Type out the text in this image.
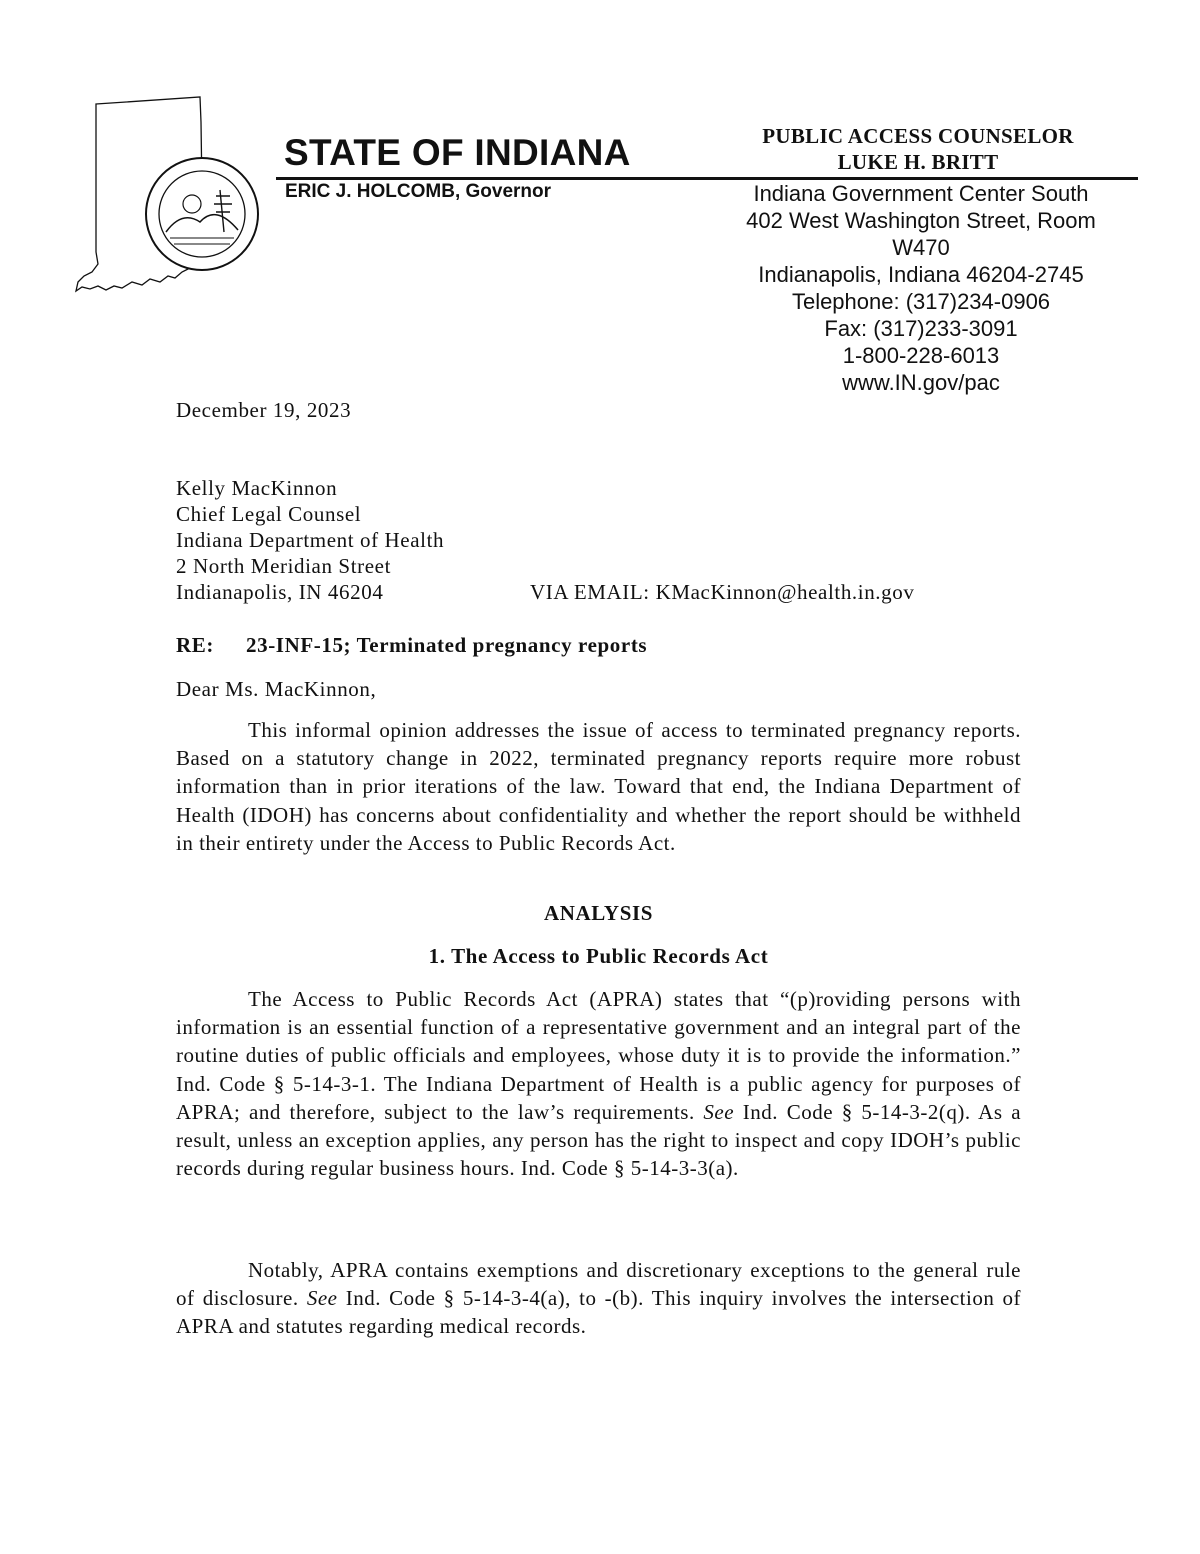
STATE OF INDIANA
ERIC J. HOLCOMB, Governor
PUBLIC ACCESS COUNSELOR
LUKE H. BRITT
Indiana Government Center South
402 West Washington Street, Room
W470
Indianapolis, Indiana 46204-2745
Telephone: (317)234-0906
Fax: (317)233-3091
1-800-228-6013
www.IN.gov/pac
December 19, 2023
Kelly MacKinnon
Chief Legal Counsel
Indiana Department of Health
2 North Meridian Street
Indianapolis, IN 46204	VIA EMAIL: KMacKinnon@health.in.gov
RE: 23-INF-15; Terminated pregnancy reports
Dear Ms. MacKinnon,
This informal opinion addresses the issue of access to terminated pregnancy reports. Based on a statutory change in 2022, terminated pregnancy reports require more robust information than in prior iterations of the law. Toward that end, the Indiana Department of Health (IDOH) has concerns about confidentiality and whether the report should be withheld in their entirety under the Access to Public Records Act.
ANALYSIS
1. The Access to Public Records Act
The Access to Public Records Act (APRA) states that “(p)roviding persons with information is an essential function of a representative government and an integral part of the routine duties of public officials and employees, whose duty it is to provide the information.” Ind. Code § 5-14-3-1. The Indiana Department of Health is a public agency for purposes of APRA; and therefore, subject to the law’s requirements. See Ind. Code § 5-14-3-2(q). As a result, unless an exception applies, any person has the right to inspect and copy IDOH’s public records during regular business hours. Ind. Code § 5-14-3-3(a).
Notably, APRA contains exemptions and discretionary exceptions to the general rule of disclosure. See Ind. Code § 5-14-3-4(a), to -(b). This inquiry involves the intersection of APRA and statutes regarding medical records.
